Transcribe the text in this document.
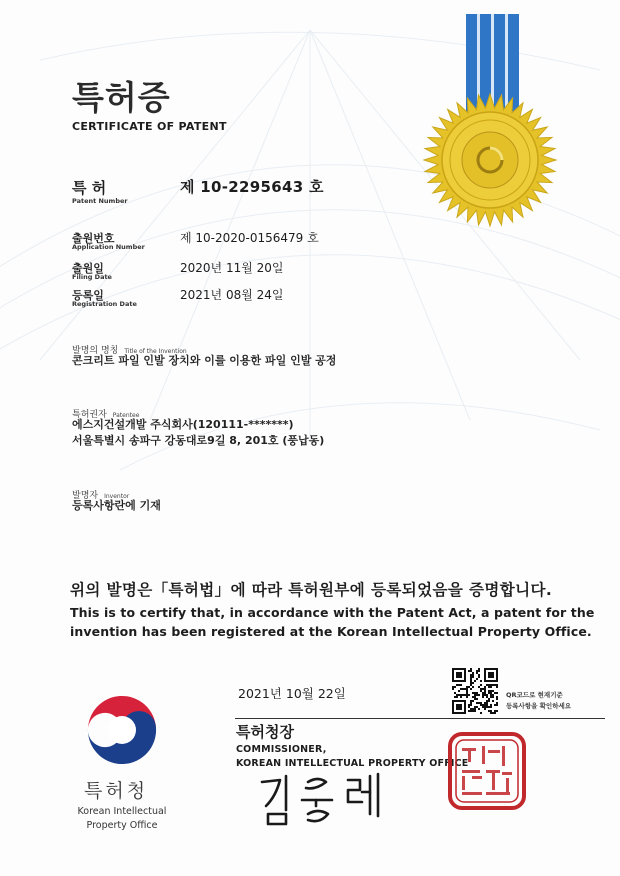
특허증
CERTIFICATE OF PATENT
특 허
Patent Number
제 10-2295643 호
출원번호
Application Number
제 10-2020-0156479 호
출원일
Filing Date
2020년 11월 20일
등록일
Registration Date
2021년 08월 24일
발명의 명칭 Title of the Invention
콘크리트 파일 인발 장치와 이를 이용한 파일 인발 공정
특허권자 Patentee
에스지건설개발 주식회사(120111-*******)
서울특별시 송파구 강동대로9길 8, 201호 (풍납동)
발명자 Inventor
등록사항란에 기재
위의 발명은「특허법」에 따라 특허원부에 등록되었음을 증명합니다.
This is to certify that, in accordance with the Patent Act, a patent for the
invention has been registered at the Korean Intellectual Property Office.
2021년 10월 22일	QR코드로 현재기준
등록사항을 확인하세요
특허청장
COMMISSIONER,
KOREAN INTELLECTUAL PROPERTY OFFICE
특허청
Korean Intellectual
Property Office
